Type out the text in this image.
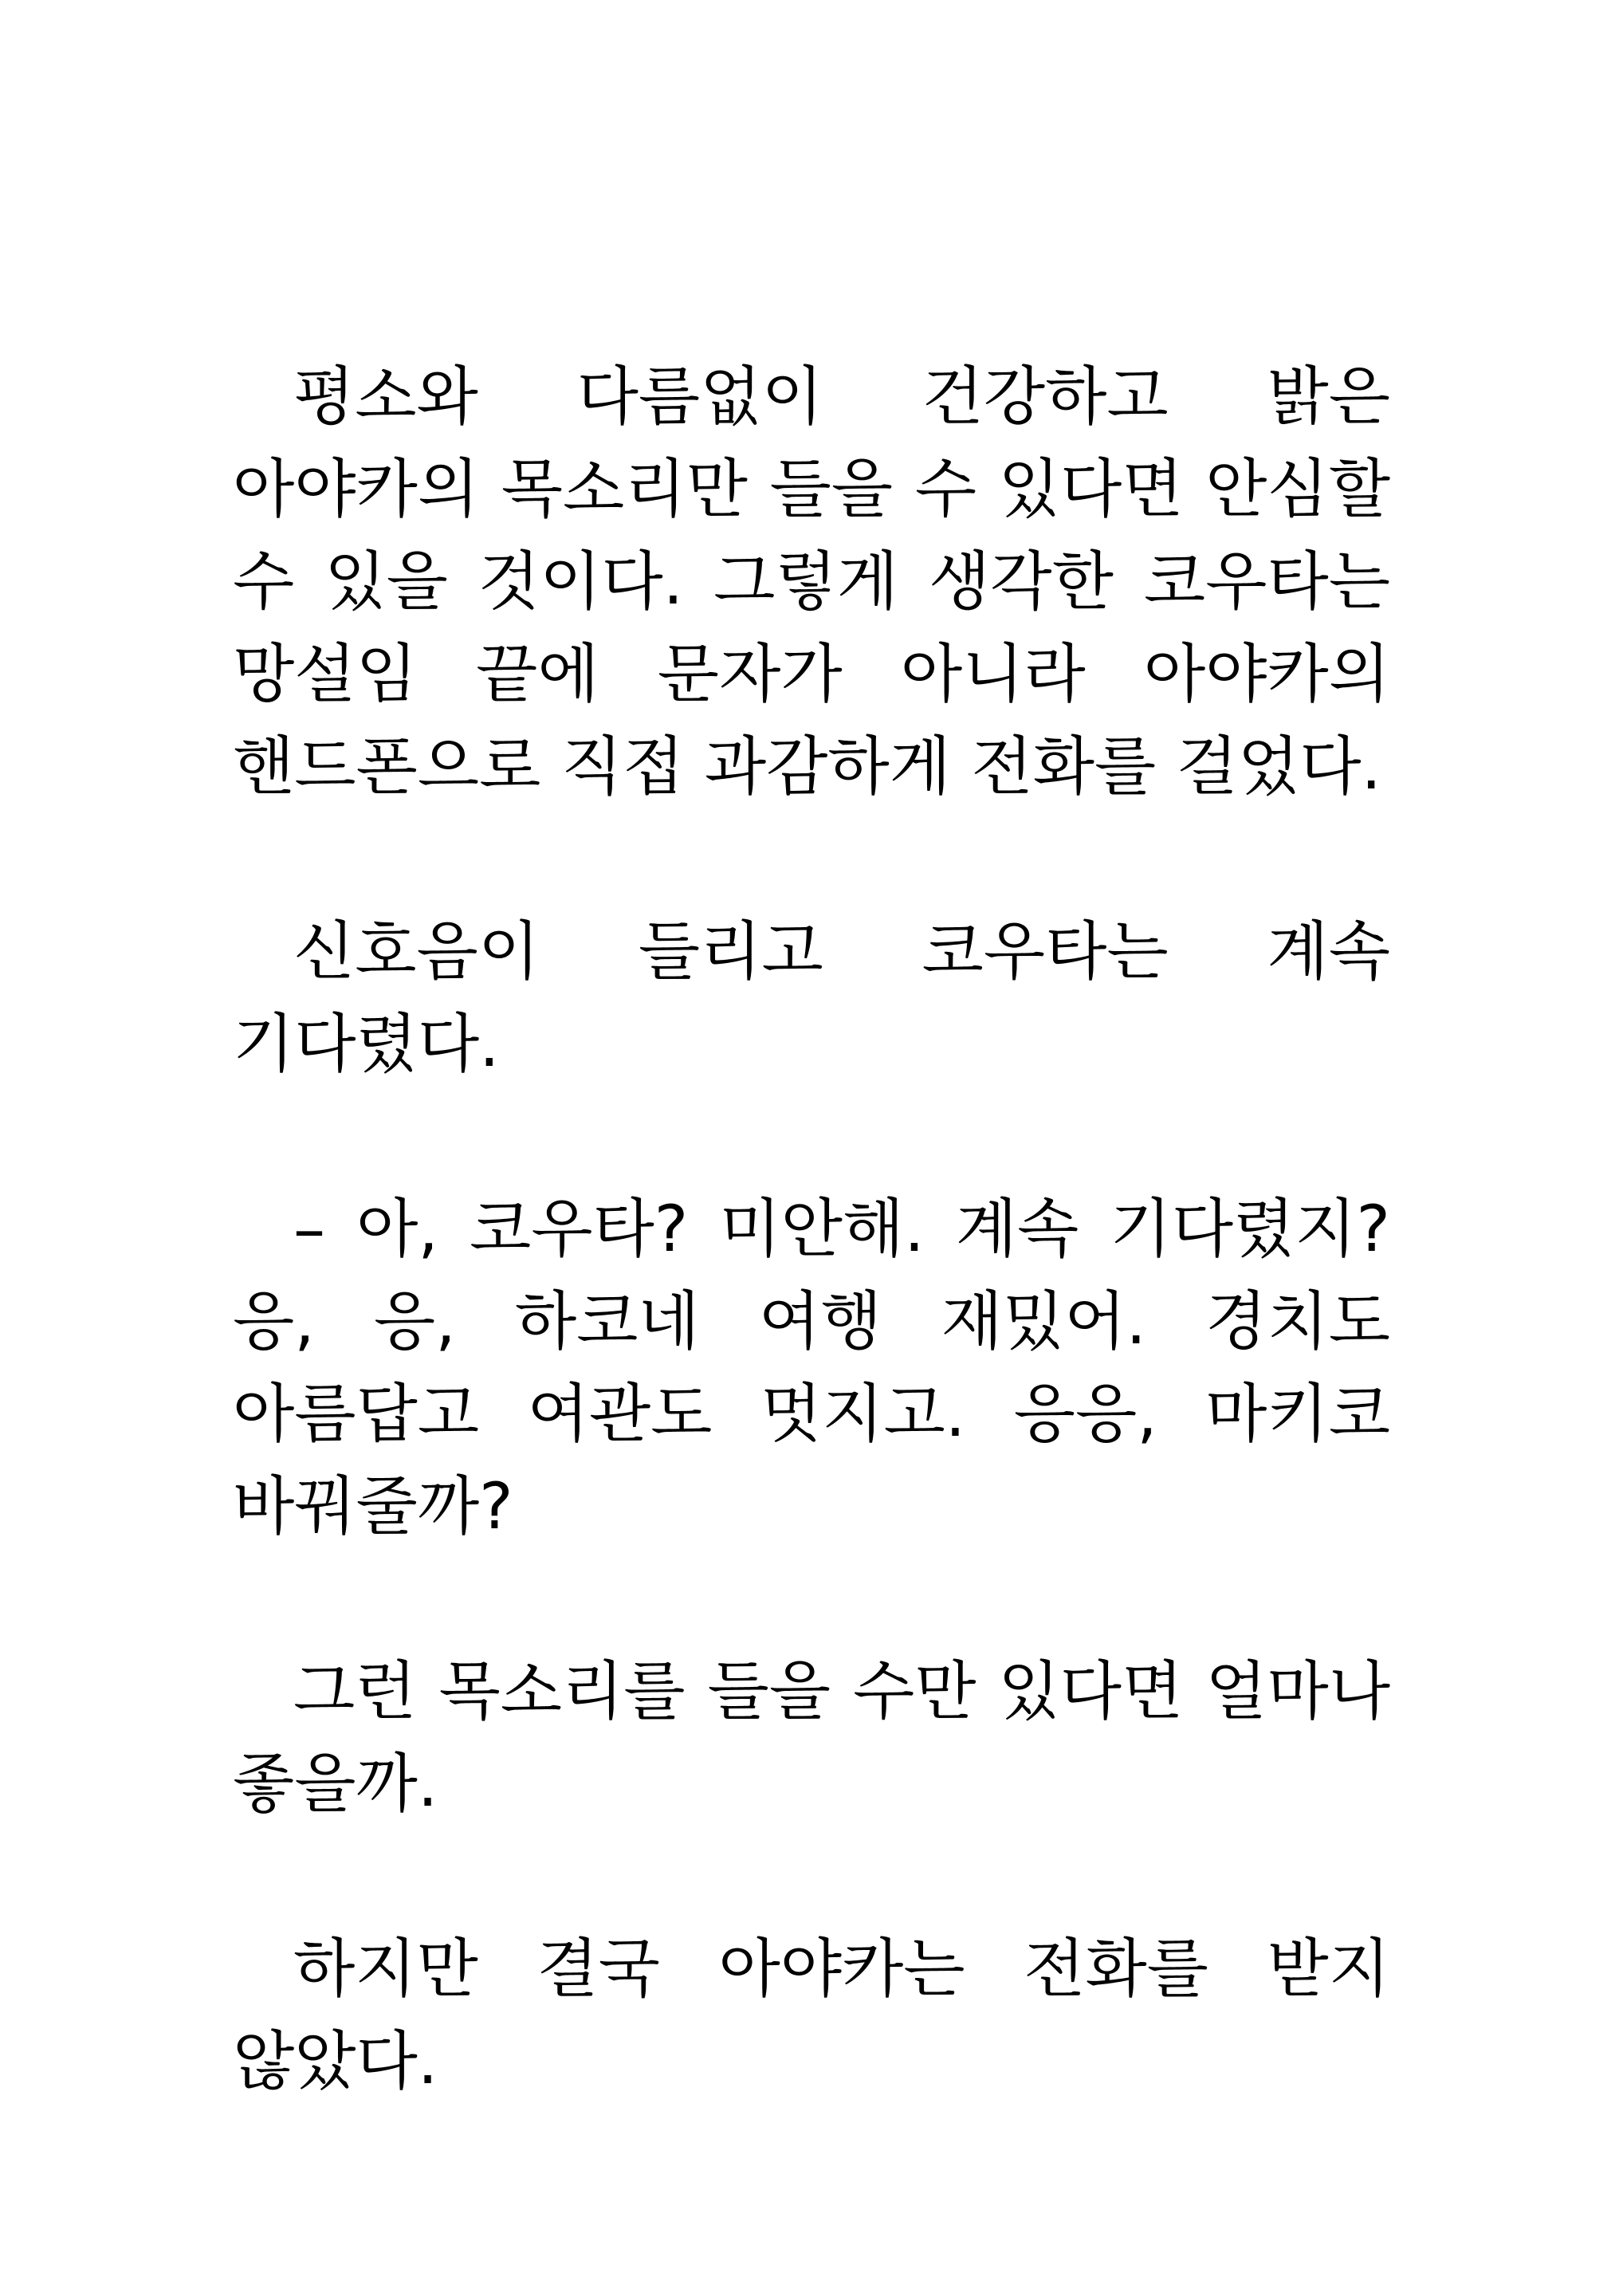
평소와 다름없이 건강하고 밝은 아야카의 목소리만 들을 수 있다면 안심할 수 있을 것이다. 그렇게 생각한 코우타는 망설임 끝에 문자가 아니라 아야카의 핸드폰으로 직접 과감하게 전화를 걸었다.

신호음이 들리고 코우타는 계속 기다렸다.

– 아, 코우타? 미안해. 계속 기다렸지? 응, 응, 하코네 여행 재밌어. 경치도 아름답고 여관도 멋지고. 응응, 마키코 바꿔줄까?

그런 목소리를 들을 수만 있다면 얼마나 좋을까.

하지만 결국 아야카는 전화를 받지 않았다.
